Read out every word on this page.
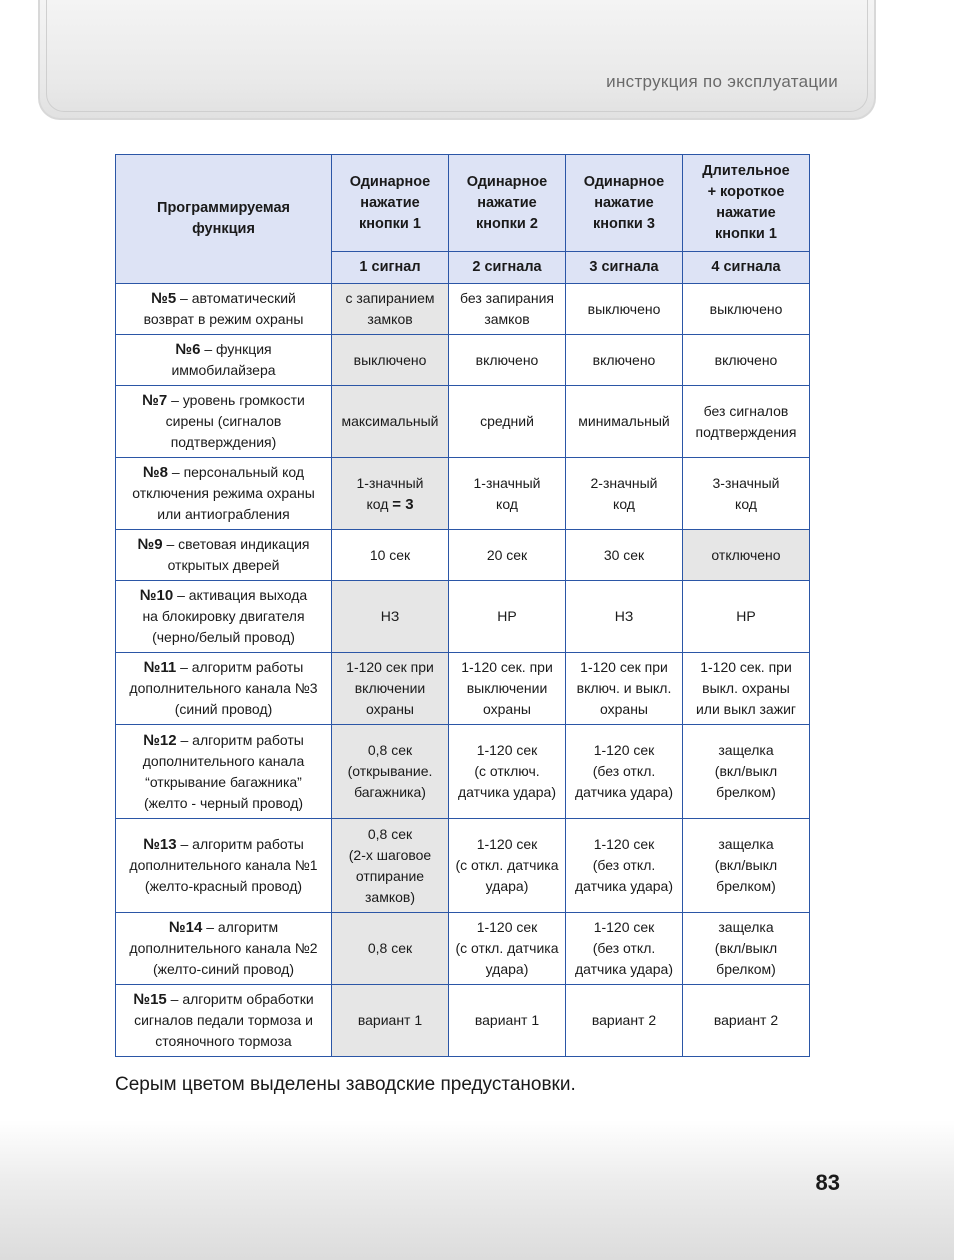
инструкция по эксплуатации
Программируемая
функция	Одинарное
нажатие
кнопки 1	Одинарное
нажатие
кнопки 2	Одинарное
нажатие
кнопки 3	Длительное
+ короткое
нажатие
кнопки 1
	1 сигнал	2 сигнала	3 сигнала	4 сигнала
№5 – автоматический
возврат в режим охраны	с запиранием
замков	без запирания
замков	выключено	выключено
№6 – функция
иммобилайзера	выключено	включено	включено	включено
№7 – уровень громкости
сирены (сигналов
подтверждения)	максимальный	средний	минимальный	без сигналов
подтверждения
№8 – персональный код
отключения режима охраны
или антиограбления	1-значный
код = 3	1-значный
код	2-значный
код	3-значный
код
№9 – световая индикация
открытых дверей	10 сек	20 сек	30 сек	отключено
№10 – активация выхода
на блокировку двигателя
(черно/белый провод)	НЗ	НР	НЗ	НР
№11 – алгоритм работы
дополнительного канала №3
(синий провод)	1-120 сек при
включении
охраны	1-120 сек. при
выключении
охраны	1-120 сек при
включ. и выкл.
охраны	1-120 сек. при
выкл. охраны
или выкл зажиг
№12 – алгоритм работы
дополнительного канала
“открывание багажника”
(желто - черный провод)	0,8 сек
(открывание.
багажника)	1-120 сек
(с отключ.
датчика удара)	1-120 сек
(без откл.
датчика удара)	защелка
(вкл/выкл
брелком)
№13 – алгоритм работы
дополнительного канала №1
(желто-красный провод)	0,8 сек
(2-х шаговое
отпирание
замков)	1-120 сек
(с откл. датчика
удара)	1-120 сек
(без откл.
датчика удара)	защелка
(вкл/выкл
брелком)
№14 – алгоритм
дополнительного канала №2
(желто-синий провод)	0,8 сек	1-120 сек
(с откл. датчика
удара)	1-120 сек
(без откл.
датчика удара)	защелка
(вкл/выкл
брелком)
№15 – алгоритм обработки
сигналов педали тормоза и
стояночного тормоза	вариант 1	вариант 1	вариант 2	вариант 2
Серым цветом выделены заводские предустановки.
83
